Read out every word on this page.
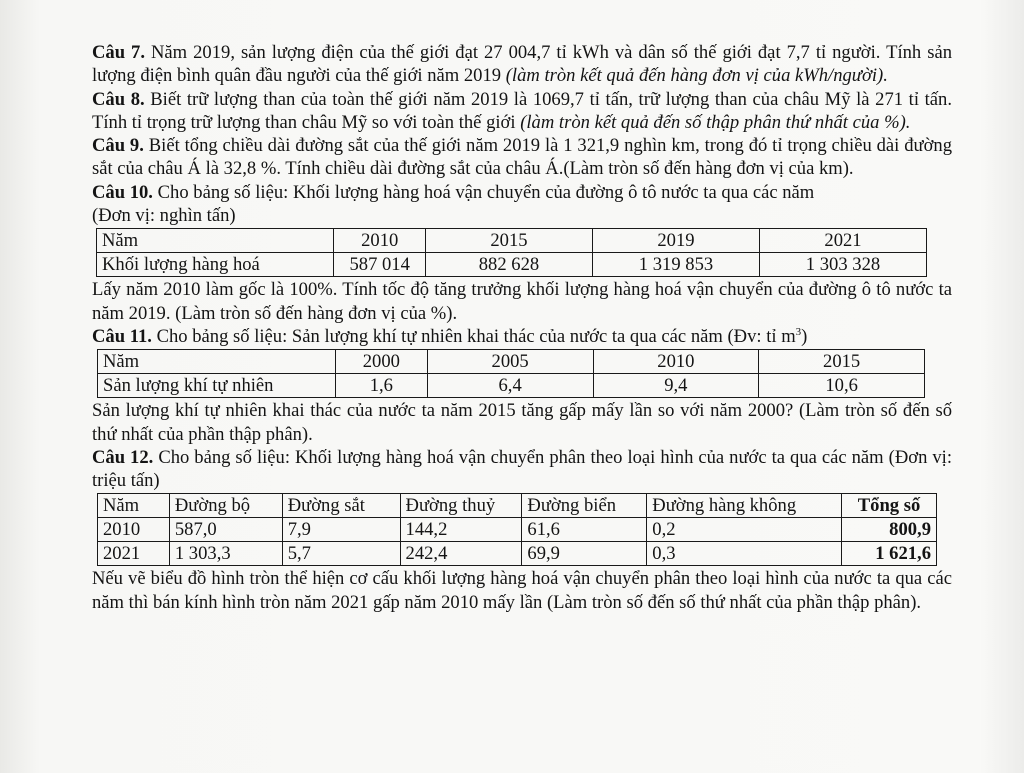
Câu 7. Năm 2019, sản lượng điện của thế giới đạt 27 004,7 tỉ kWh và dân số thế giới đạt 7,7 tỉ người. Tính sản lượng điện bình quân đầu người của thế giới năm 2019 (làm tròn kết quả đến hàng đơn vị của kWh/người).

Câu 8. Biết trữ lượng than của toàn thế giới năm 2019 là 1069,7 tỉ tấn, trữ lượng than của châu Mỹ là 271 tỉ tấn. Tính tỉ trọng trữ lượng than châu Mỹ so với toàn thế giới (làm tròn kết quả đến số thập phân thứ nhất của %).

Câu 9. Biết tổng chiều dài đường sắt của thế giới năm 2019 là 1 321,9 nghìn km, trong đó tỉ trọng chiều dài đường sắt của châu Á là 32,8 %. Tính chiều dài đường sắt của châu Á.(Làm tròn số đến hàng đơn vị của km).

Câu 10. Cho bảng số liệu: Khối lượng hàng hoá vận chuyển của đường ô tô nước ta qua các năm
(Đơn vị: nghìn tấn)

Năm	2010	2015	2019	2021
Khối lượng hàng hoá	587 014	882 628	1 319 853	1 303 328

Lấy năm 2010 làm gốc là 100%. Tính tốc độ tăng trưởng khối lượng hàng hoá vận chuyển của đường ô tô nước ta năm 2019. (Làm tròn số đến hàng đơn vị của %).

Câu 11. Cho bảng số liệu: Sản lượng khí tự nhiên khai thác của nước ta qua các năm (Đv: tỉ $m^3$)

Năm	2000	2005	2010	2015
Sản lượng khí tự nhiên	1,6	6,4	9,4	10,6

Sản lượng khí tự nhiên khai thác của nước ta năm 2015 tăng gấp mấy lần so với năm 2000? (Làm tròn số đến số thứ nhất của phần thập phân).

Câu 12. Cho bảng số liệu: Khối lượng hàng hoá vận chuyển phân theo loại hình của nước ta qua các năm (Đơn vị: triệu tấn)

Năm	Đường bộ	Đường sắt	Đường thuỷ	Đường biển	Đường hàng không	Tổng số
2010	587,0	7,9	144,2	61,6	0,2	800,9
2021	1 303,3	5,7	242,4	69,9	0,3	1 621,6

Nếu vẽ biểu đồ hình tròn thể hiện cơ cấu khối lượng hàng hoá vận chuyển phân theo loại hình của nước ta qua các năm thì bán kính hình tròn năm 2021 gấp năm 2010 mấy lần (Làm tròn số đến số thứ nhất của phần thập phân).
